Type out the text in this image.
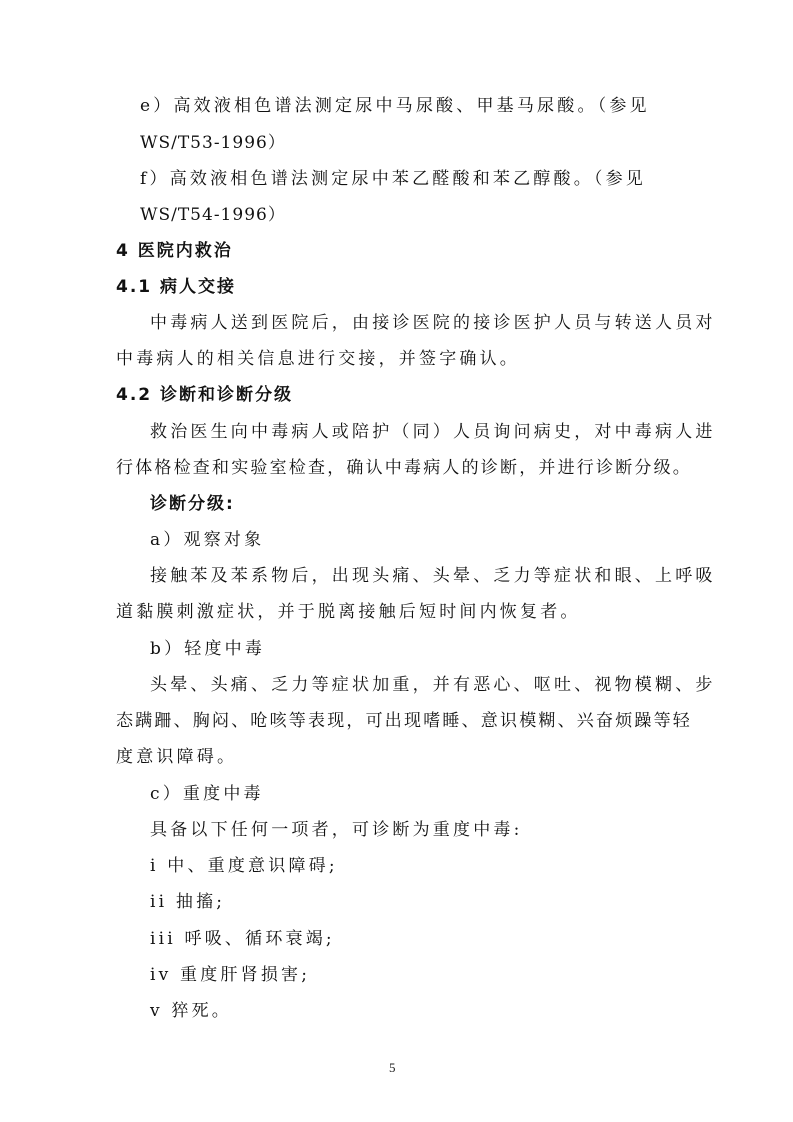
e）高效液相色谱法测定尿中马尿酸、甲基马尿酸。（参见
WS/T53-1996）
f）高效液相色谱法测定尿中苯乙醛酸和苯乙醇酸。（参见
WS/T54-1996）
4 医院内救治
4.1 病人交接
中毒病人送到医院后，由接诊医院的接诊医护人员与转送人员对
中毒病人的相关信息进行交接，并签字确认。
4.2 诊断和诊断分级
救治医生向中毒病人或陪护（同）人员询问病史，对中毒病人进
行体格检查和实验室检查，确认中毒病人的诊断，并进行诊断分级。
诊断分级:
a）观察对象
接触苯及苯系物后，出现头痛、头晕、乏力等症状和眼、上呼吸
道黏膜刺激症状，并于脱离接触后短时间内恢复者。
b）轻度中毒
头晕、头痛、乏力等症状加重，并有恶心、呕吐、视物模糊、步
态蹒跚、胸闷、呛咳等表现，可出现嗜睡、意识模糊、兴奋烦躁等轻
度意识障碍。
c）重度中毒
具备以下任何一项者，可诊断为重度中毒:
i 中、重度意识障碍;
ii 抽搐;
iii 呼吸、循环衰竭;
iv 重度肝肾损害;
v 猝死。
5
